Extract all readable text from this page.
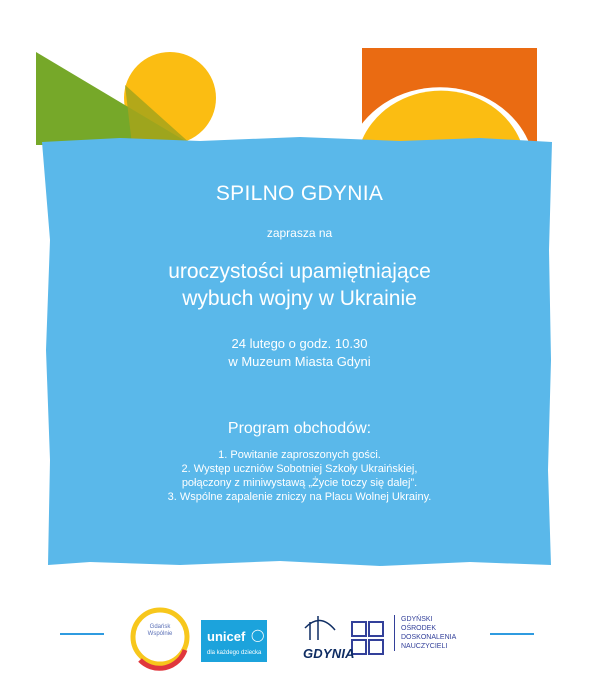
SPILNO GDYNIA
zaprasza na
uroczystości upamiętniające
wybuch wojny w Ukrainie
24 lutego o godz. 10.30
w Muzeum Miasta Gdyni
Program obchodów:
1. Powitanie zaproszonych gości.
2. Występ uczniów Sobotniej Szkoły Ukraińskiej,
połączony z miniwystawą „Życie toczy się dalej”.
3. Wspólne zapalenie zniczy na Placu Wolnej Ukrainy.
Gdańsk
Wspólnie	unicef ◯
dla każdego dziecka	GDYNIA
GDYŃSKI
OŚRODEK
DOSKONALENIA
NAUCZYCIELI
